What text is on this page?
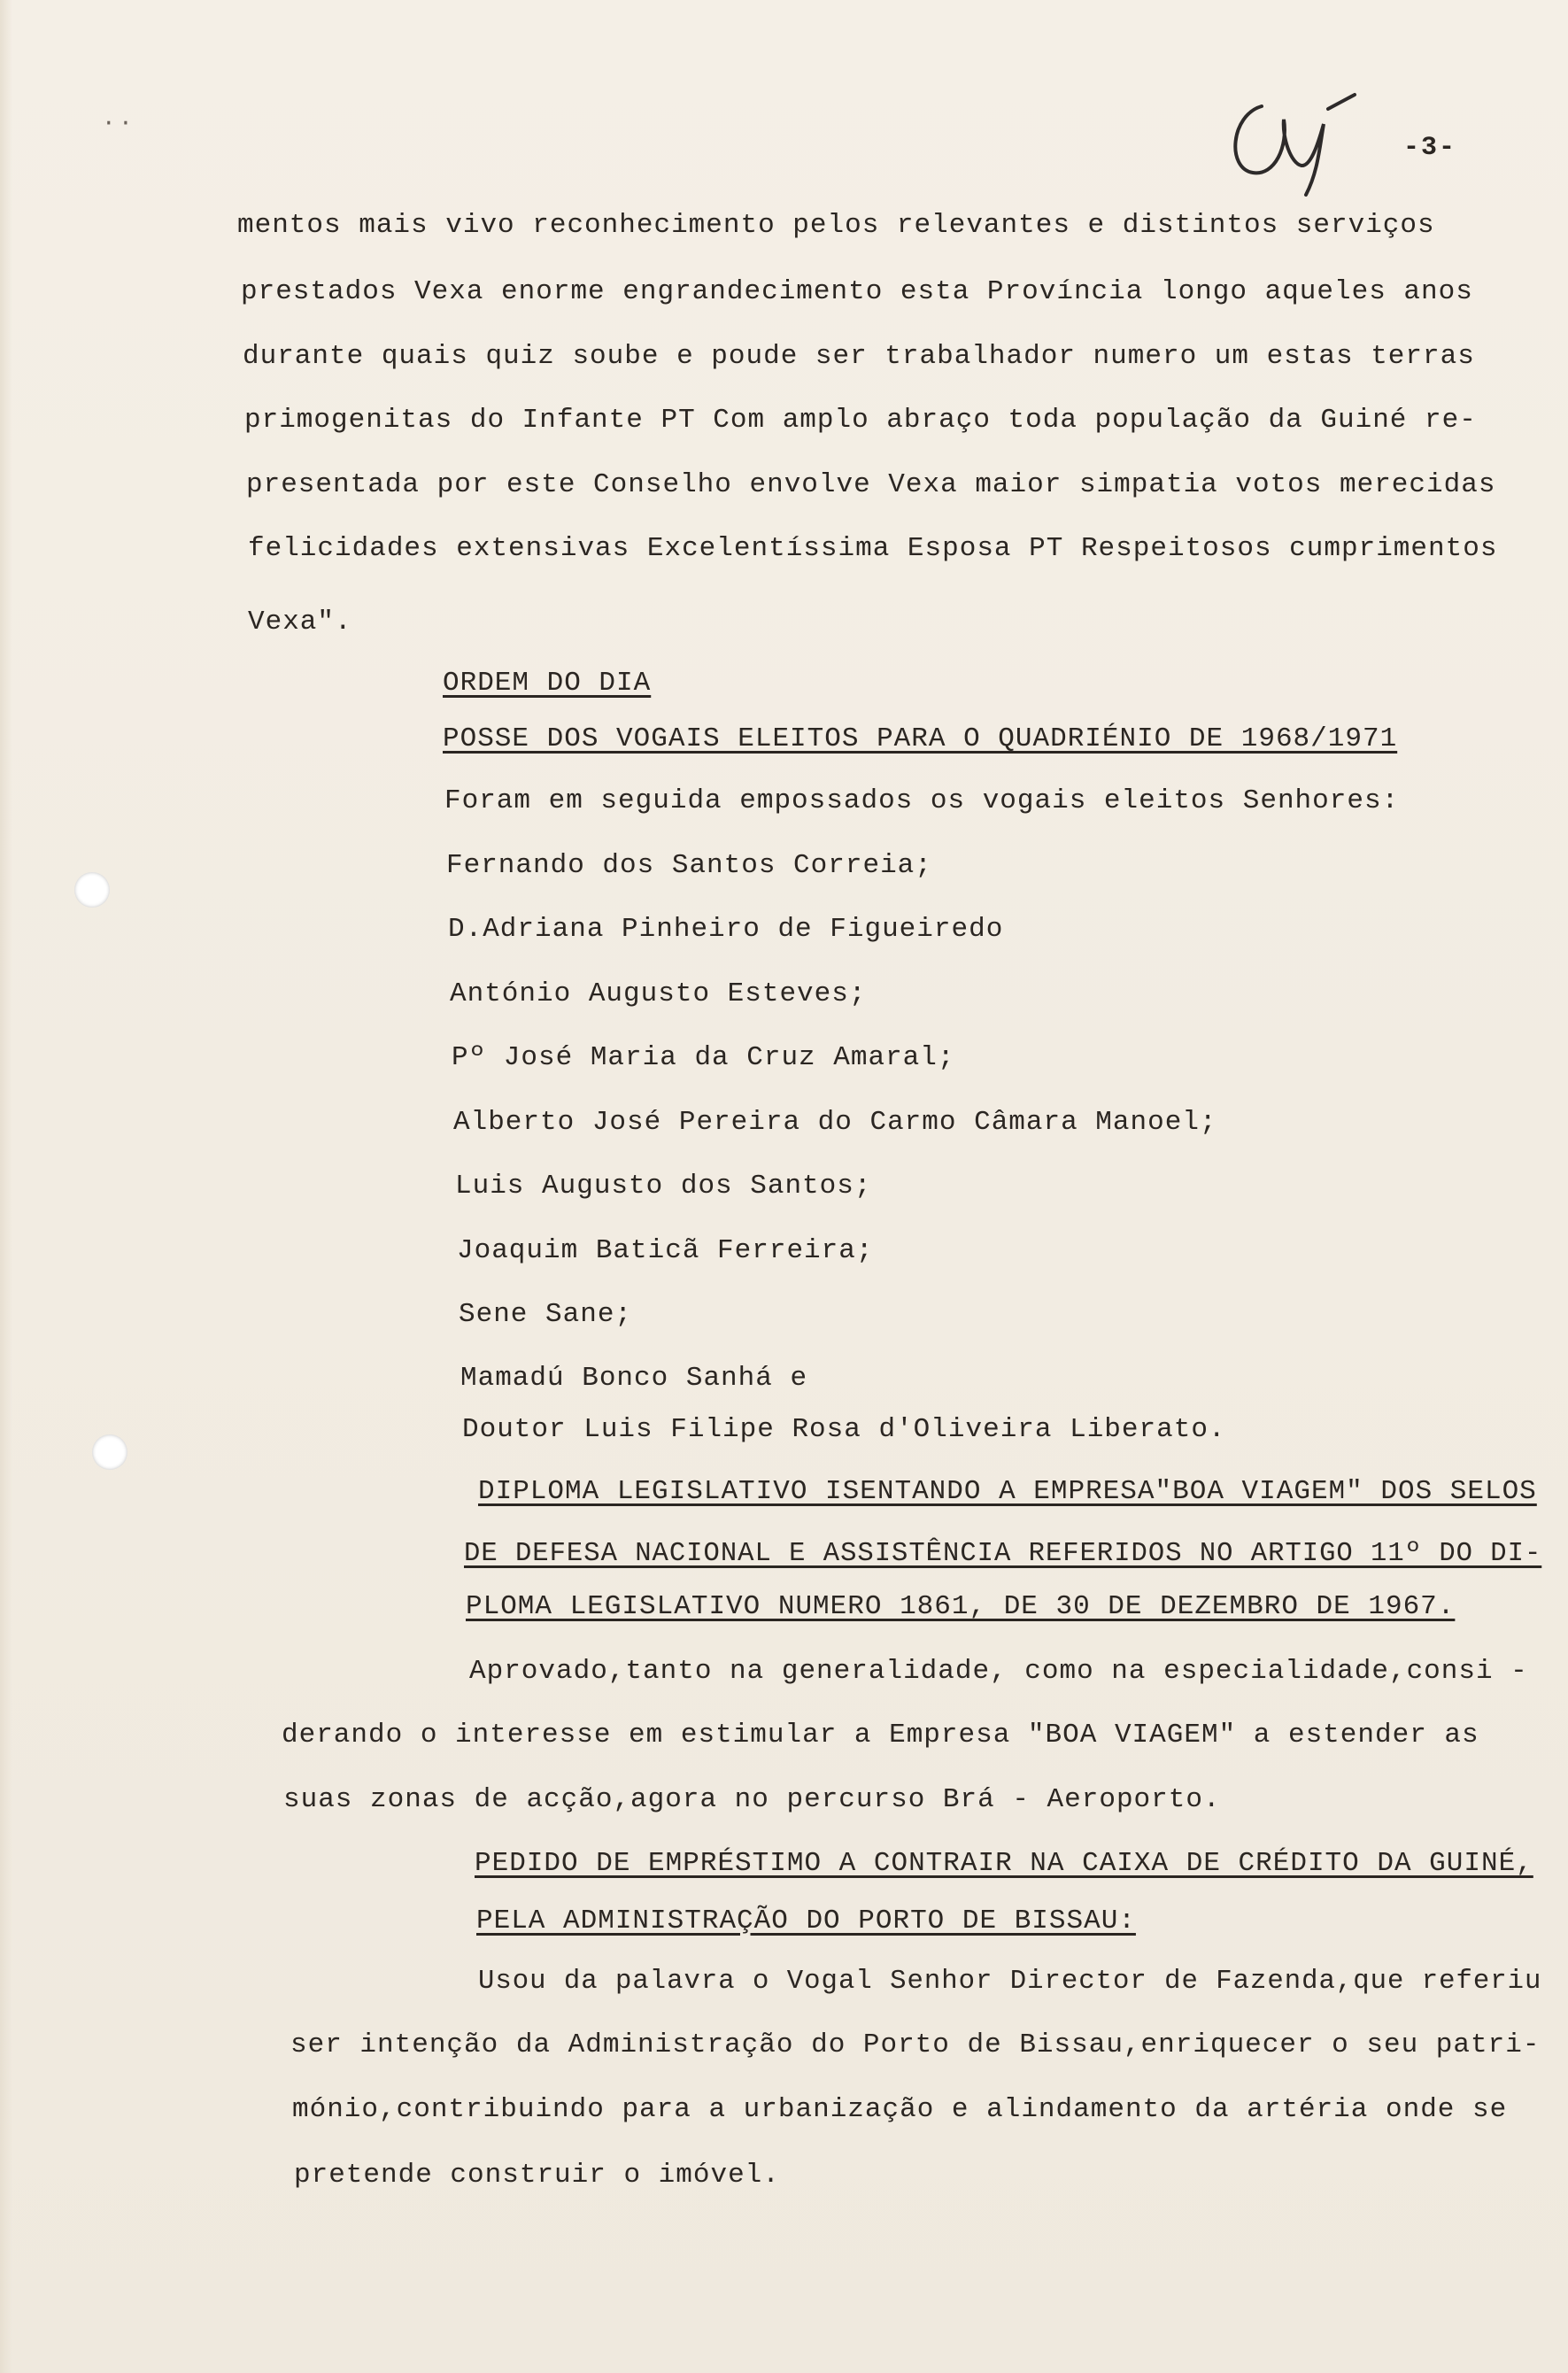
· ·
-3-
mentos mais vivo reconhecimento pelos relevantes e distintos serviços
prestados Vexa enorme engrandecimento esta Província longo aqueles anos
durante quais quiz soube e poude ser trabalhador numero um estas terras
primogenitas do Infante PT Com amplo abraço toda população da Guiné re-
presentada por este Conselho envolve Vexa maior simpatia votos merecidas
felicidades extensivas Excelentíssima Esposa PT Respeitosos cumprimentos
Vexa".
ORDEM DO DIA
POSSE DOS VOGAIS ELEITOS PARA O QUADRIÉNIO DE 1968/1971
Foram em seguida empossados os vogais eleitos Senhores:
Fernando dos Santos Correia;
D.Adriana Pinheiro de Figueiredo
António Augusto Esteves;
Pº José Maria da Cruz Amaral;
Alberto José Pereira do Carmo Câmara Manoel;
Luis Augusto dos Santos;
Joaquim Baticã Ferreira;
Sene Sane;
Mamadú Bonco Sanhá e
Doutor Luis Filipe Rosa d'Oliveira Liberato.
DIPLOMA LEGISLATIVO ISENTANDO A EMPRESA"BOA VIAGEM" DOS SELOS
DE DEFESA NACIONAL E ASSISTÊNCIA REFERIDOS NO ARTIGO 11º DO DI-
PLOMA LEGISLATIVO NUMERO 1861, DE 30 DE DEZEMBRO DE 1967.
Aprovado,tanto na generalidade, como na especialidade,consi -
derando o interesse em estimular a Empresa "BOA VIAGEM" a estender as
suas zonas de acção,agora no percurso Brá - Aeroporto.
PEDIDO DE EMPRÉSTIMO A CONTRAIR NA CAIXA DE CRÉDITO DA GUINÉ,
PELA ADMINISTRAÇÃO DO PORTO DE BISSAU:
Usou da palavra o Vogal Senhor Director de Fazenda,que referiu
ser intenção da Administração do Porto de Bissau,enriquecer o seu patri-
mónio,contribuindo para a urbanização e alindamento da artéria onde se
pretende construir o imóvel.
